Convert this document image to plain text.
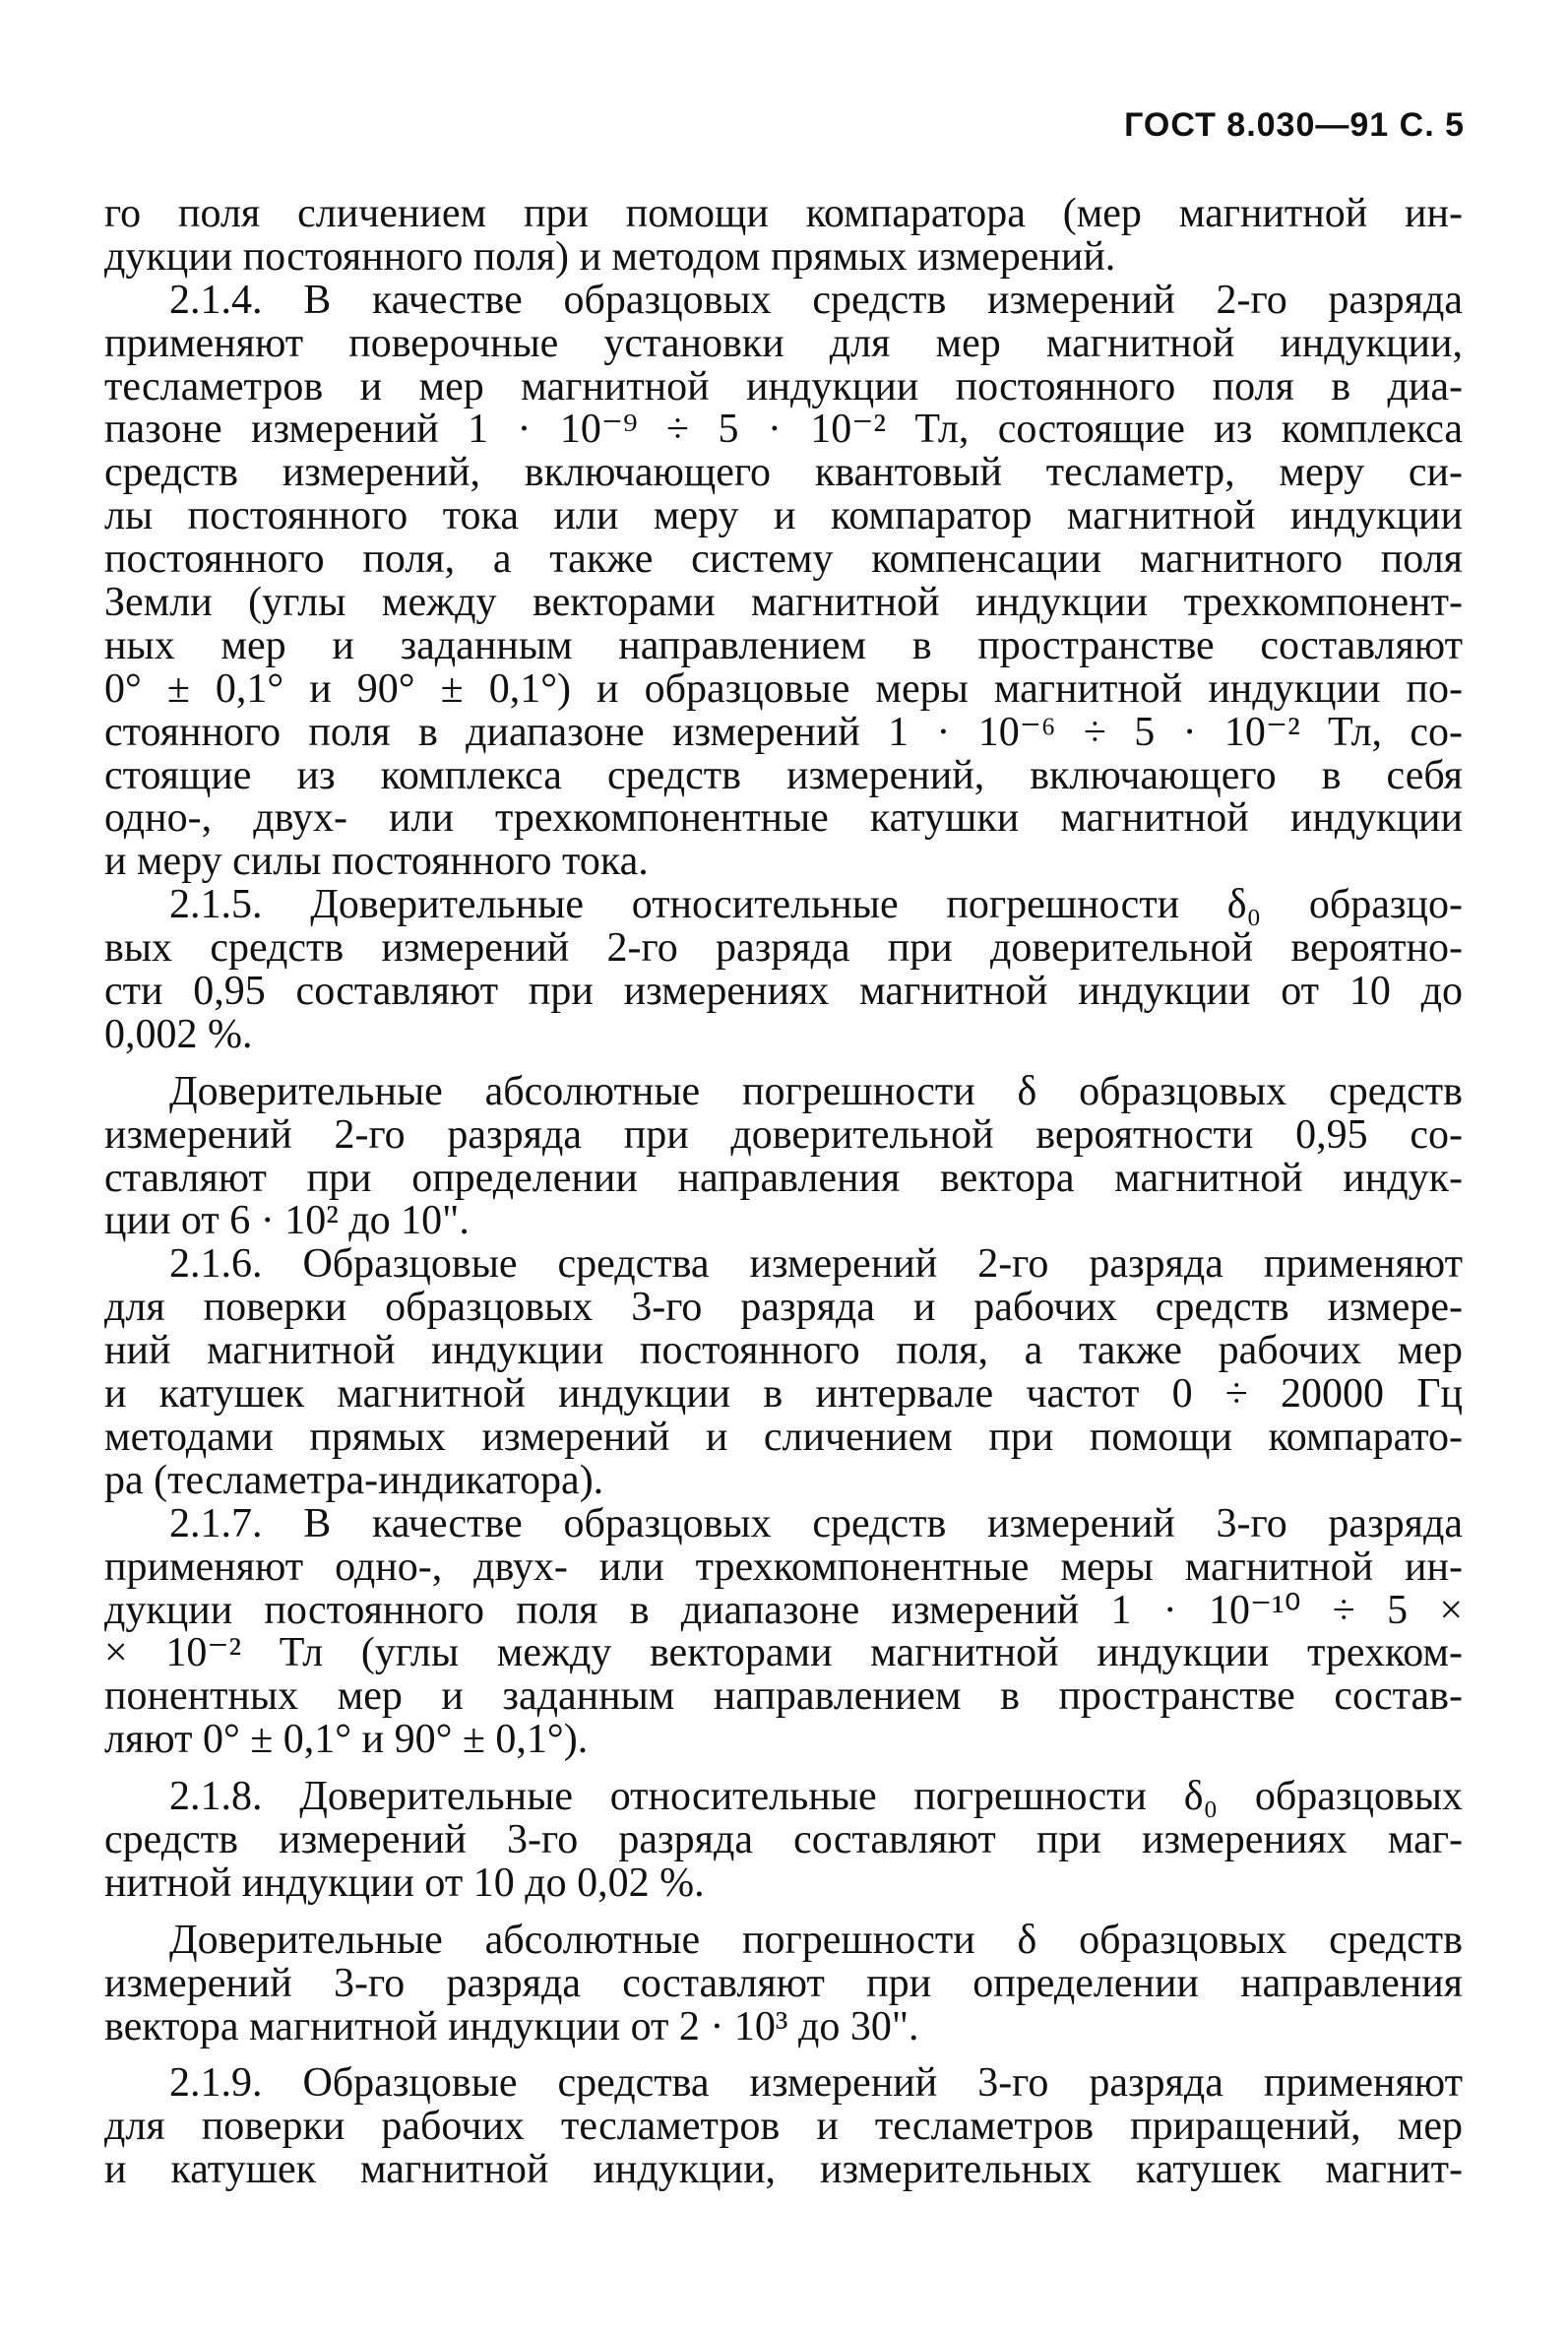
ГОСТ 8.030—91 С. 5
го поля сличением при помощи компаратора (мер магнитной ин-
дукции постоянного поля) и методом прямых измерений.
2.1.4. В качестве образцовых средств измерений 2-го разряда
применяют поверочные установки для мер магнитной индукции,
тесламетров и мер магнитной индукции постоянного поля в диа-
пазоне измерений 1 · 10⁻⁹ ÷ 5 · 10⁻² Тл, состоящие из комплекса
средств измерений, включающего квантовый тесламетр, меру си-
лы постоянного тока или меру и компаратор магнитной индукции
постоянного поля, а также систему компенсации магнитного поля
Земли (углы между векторами магнитной индукции трехкомпонент-
ных мер и заданным направлением в пространстве составляют
0° ± 0,1° и 90° ± 0,1°) и образцовые меры магнитной индукции по-
стоянного поля в диапазоне измерений 1 · 10⁻⁶ ÷ 5 · 10⁻² Тл, со-
стоящие из комплекса средств измерений, включающего в себя
одно-, двух- или трехкомпонентные катушки магнитной индукции
и меру силы постоянного тока.
2.1.5. Доверительные относительные погрешности δ₀ образцо-
вых средств измерений 2-го разряда при доверительной вероятно-
сти 0,95 составляют при измерениях магнитной индукции от 10 до
0,002 %.
Доверительные абсолютные погрешности δ образцовых средств
измерений 2-го разряда при доверительной вероятности 0,95 со-
ставляют при определении направления вектора магнитной индук-
ции от 6 · 10² до 10".
2.1.6. Образцовые средства измерений 2-го разряда применяют
для поверки образцовых 3-го разряда и рабочих средств измере-
ний магнитной индукции постоянного поля, а также рабочих мер
и катушек магнитной индукции в интервале частот 0 ÷ 20000 Гц
методами прямых измерений и сличением при помощи компарато-
ра (тесламетра-индикатора).
2.1.7. В качестве образцовых средств измерений 3-го разряда
применяют одно-, двух- или трехкомпонентные меры магнитной ин-
дукции постоянного поля в диапазоне измерений 1 · 10⁻¹⁰ ÷ 5 ×
× 10⁻² Тл (углы между векторами магнитной индукции трехком-
понентных мер и заданным направлением в пространстве состав-
ляют 0° ± 0,1° и 90° ± 0,1°).
2.1.8. Доверительные относительные погрешности δ₀ образцовых
средств измерений 3-го разряда составляют при измерениях маг-
нитной индукции от 10 до 0,02 %.
Доверительные абсолютные погрешности δ образцовых средств
измерений 3-го разряда составляют при определении направления
вектора магнитной индукции от 2 · 10³ до 30".
2.1.9. Образцовые средства измерений 3-го разряда применяют
для поверки рабочих тесламетров и тесламетров приращений, мер
и катушек магнитной индукции, измерительных катушек магнит-
